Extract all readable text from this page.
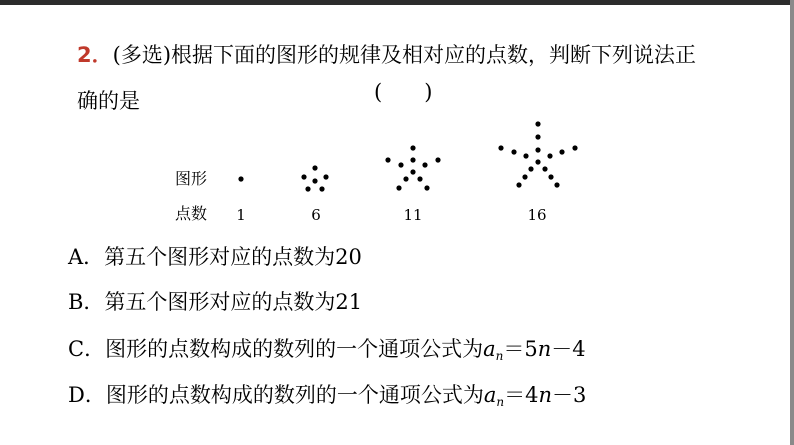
2．(多选)根据下面的图形的规律及相对应的点数，判断下列说法正
确的是	(　　)
图形
点数	1	6	11	16
A．第五个图形对应的点数为20
B．第五个图形对应的点数为21
C．图形的点数构成的数列的一个通项公式为$a_n=5n-4$
D．图形的点数构成的数列的一个通项公式为$a_n=4n-3$
